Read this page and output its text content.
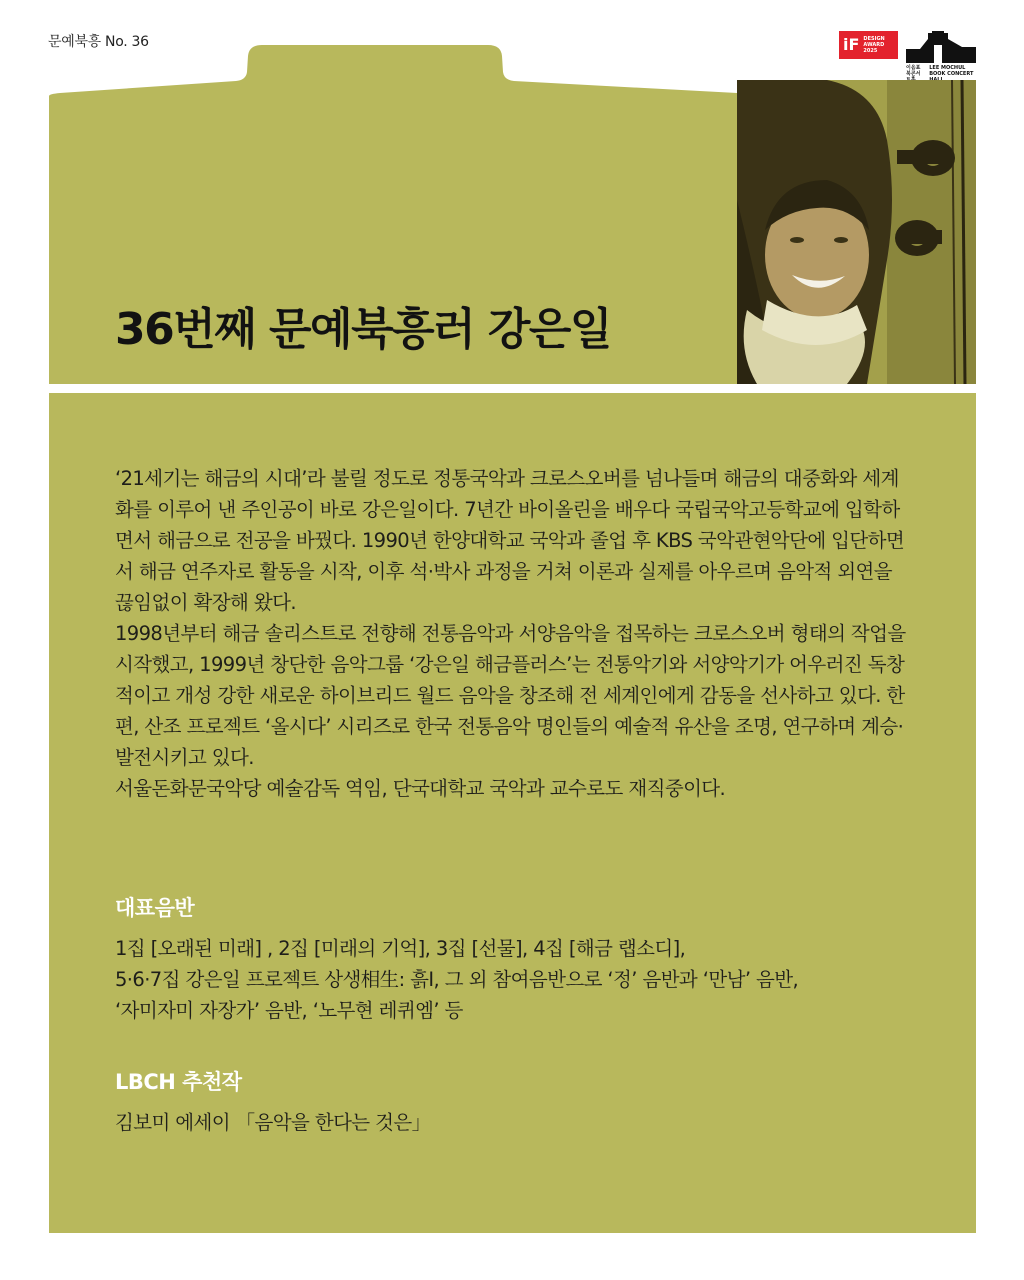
문예북흥 No. 36	iF DESIGN
AWARD
2025
이음표 북콘서
LEE MOCHUL BOOK CONCERT
36번째 문예북흥러 강은일

‘21세기는 해금의 시대’라 불릴 정도로 정통국악과 크로스오버를 넘나들며 해금의 대중화와 세계화를 이루어 낸 주인공이 바로 강은일이다. 7년간 바이올린을 배우다 국립국악고등학교에 입학하면서 해금으로 전공을 바꿨다. 1990년 한양대학교 국악과 졸업 후 KBS 국악관현악단에 입단하면서 해금 연주자로 활동을 시작, 이후 석·박사 과정을 거쳐 이론과 실제를 아우르며 음악적 외연을 끊임없이 확장해 왔다.

1998년부터 해금 솔리스트로 전향해 전통음악과 서양음악을 접목하는 크로스오버 형태의 작업을 시작했고, 1999년 창단한 음악그룹 ‘강은일 해금플러스’는 전통악기와 서양악기가 어우러진 독창적이고 개성 강한 새로운 하이브리드 월드 음악을 창조해 전 세계인에게 감동을 선사하고 있다. 한편, 산조 프로젝트 ‘올시다’ 시리즈로 한국 전통음악 명인들의 예술적 유산을 조명, 연구하며 계승·발전시키고 있다.

서울돈화문국악당 예술감독 역임, 단국대학교 국악과 교수로도 재직중이다.

대표음반

1집 [오래된 미래] , 2집 [미래의 기억], 3집 [선물], 4집 [해금 랩소디],

5·6·7집 강은일 프로젝트 상생相生: 흙Ⅰ, 그 외 참여음반으로 ‘정’ 음반과 ‘만남’ 음반,

‘자미자미 자장가’ 음반, ‘노무현 레퀴엠’ 등

LBCH 추천작

김보미 에세이 「음악을 한다는 것은」
